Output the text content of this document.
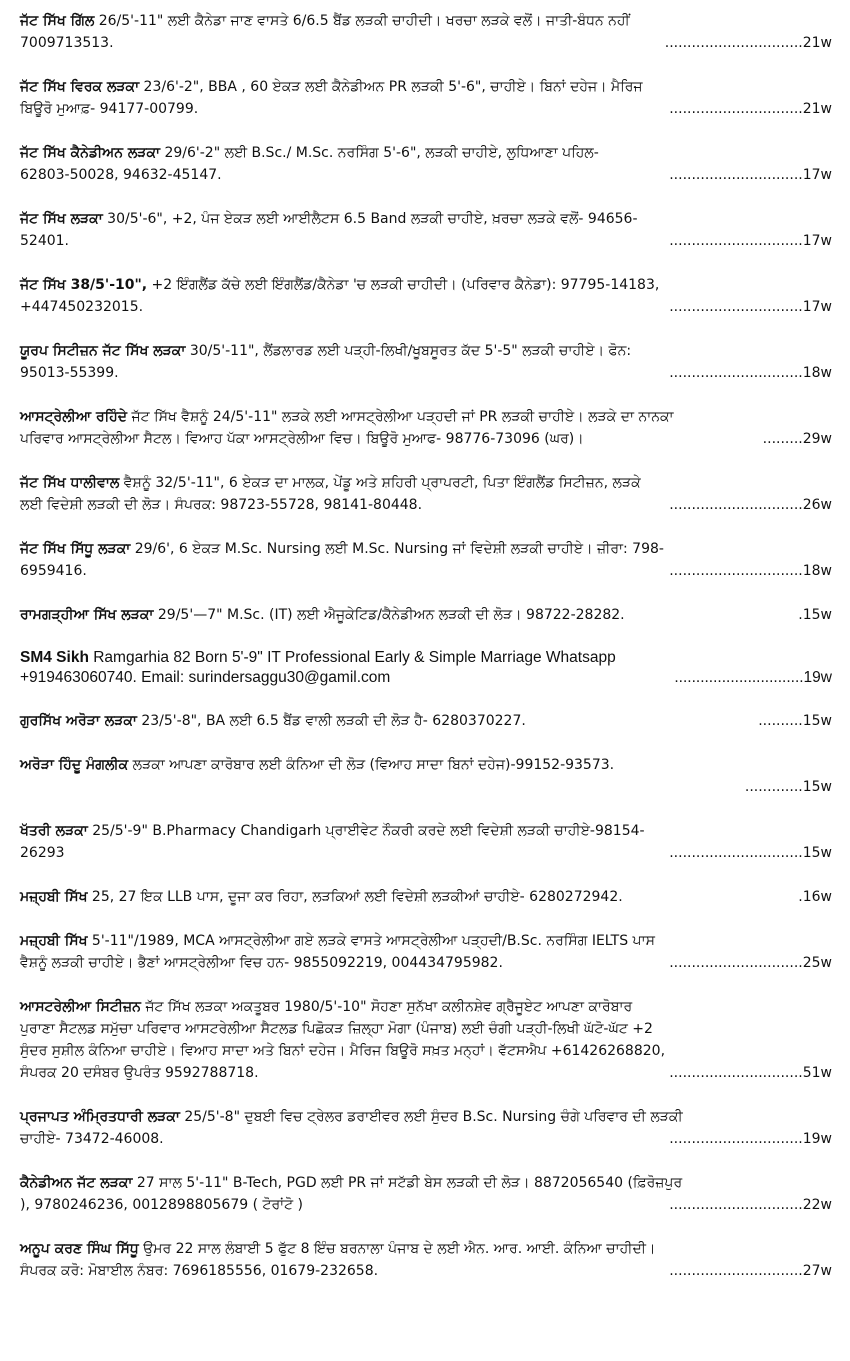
ਜੱਟ ਸਿੱਖ ਗਿੱਲ 26/5'-11" ਲਈ ਕੈਨੇਡਾ ਜਾਣ ਵਾਸਤੇ 6/6.5 ਬੈਂਡ ਲੜਕੀ ਚਾਹੀਦੀ। ਖਰਚਾ ਲੜਕੇ ਵਲੋਂ। ਜਾਤੀ-ਬੰਧਨ ਨਹੀਂ
7009713513.	...............................21w
ਜੱਟ ਸਿੱਖ ਵਿਰਕ ਲੜਕਾ 23/6'-2", BBA , 60 ਏਕੜ ਲਈ ਕੈਨੇਡੀਅਨ PR ਲੜਕੀ 5'-6", ਚਾਹੀਏ। ਬਿਨਾਂ ਦਹੇਜ। ਮੈਰਿਜ
ਬਿਊਰੋ ਮੁਆਫ਼- 94177-00799.	..............................21w
ਜੱਟ ਸਿੱਖ ਕੈਨੇਡੀਅਨ ਲੜਕਾ 29/6'-2" ਲਈ B.Sc./ M.Sc. ਨਰਸਿੰਗ 5'-6", ਲੜਕੀ ਚਾਹੀਏ, ਲੁਧਿਆਣਾ ਪਹਿਲ-
62803-50028, 94632-45147.	..............................17w
ਜੱਟ ਸਿੱਖ ਲੜਕਾ 30/5'-6", +2, ਪੰਜ ਏਕੜ ਲਈ ਆਈਲੈਟਸ 6.5 Band ਲੜਕੀ ਚਾਹੀਏ, ਖ਼ਰਚਾ ਲੜਕੇ ਵਲੋਂ- 94656-
52401.	..............................17w
ਜੱਟ ਸਿੱਖ 38/5'-10", +2 ਇੰਗਲੈਂਡ ਕੱਚੇ ਲਈ ਇੰਗਲੈਂਡ/ਕੈਨੇਡਾ 'ਚ ਲੜਕੀ ਚਾਹੀਦੀ। (ਪਰਿਵਾਰ ਕੈਨੇਡਾ): 97795-14183,
+447450232015.	..............................17w
ਯੂਰਪ ਸਿਟੀਜ਼ਨ ਜੱਟ ਸਿੱਖ ਲੜਕਾ 30/5'-11", ਲੈਂਡਲਾਰਡ ਲਈ ਪੜ੍ਹੀ-ਲਿਖੀ/ਖੂਬਸੂਰਤ ਕੱਦ 5'-5" ਲੜਕੀ ਚਾਹੀਏ। ਫੋਨ:
95013-55399.	..............................18w
ਆਸਟ੍ਰੇਲੀਆ ਰਹਿੰਦੇ ਜੱਟ ਸਿੱਖ ਵੈਸ਼ਨੂੰ 24/5'-11" ਲੜਕੇ ਲਈ ਆਸਟ੍ਰੇਲੀਆ ਪੜ੍ਹਦੀ ਜਾਂ PR ਲੜਕੀ ਚਾਹੀਏ। ਲੜਕੇ ਦਾ ਨਾਨਕਾ
ਪਰਿਵਾਰ ਆਸਟ੍ਰੇਲੀਆ ਸੈਟਲ। ਵਿਆਹ ਪੱਕਾ ਆਸਟ੍ਰੇਲੀਆ ਵਿਚ। ਬਿਊਰੋ ਮੁਆਫ- 98776-73096 (ਘਰ)।	.........29w
ਜੱਟ ਸਿੱਖ ਧਾਲੀਵਾਲ ਵੈਸ਼ਨੂੰ 32/5'-11", 6 ਏਕੜ ਦਾ ਮਾਲਕ, ਪੇਂਡੂ ਅਤੇ ਸ਼ਹਿਰੀ ਪ੍ਰਾਪਰਟੀ, ਪਿਤਾ ਇੰਗਲੈਂਡ ਸਿਟੀਜ਼ਨ, ਲੜਕੇ
ਲਈ ਵਿਦੇਸ਼ੀ ਲੜਕੀ ਦੀ ਲੋੜ। ਸੰਪਰਕ: 98723-55728, 98141-80448.	..............................26w
ਜੱਟ ਸਿੱਖ ਸਿੱਧੂ ਲੜਕਾ 29/6', 6 ਏਕੜ M.Sc. Nursing ਲਈ M.Sc. Nursing ਜਾਂ ਵਿਦੇਸ਼ੀ ਲੜਕੀ ਚਾਹੀਏ। ਜ਼ੀਰਾ: 798-
6959416.	..............................18w
ਰਾਮਗੜ੍ਹੀਆ ਸਿੱਖ ਲੜਕਾ 29/5'—7" M.Sc. (IT) ਲਈ ਐਜੂਕੇਟਿਡ/ਕੈਨੇਡੀਅਨ ਲੜਕੀ ਦੀ ਲੋੜ। 98722-28282.	.15w
SM4 Sikh Ramgarhia 82 Born 5'-9" IT Professional Early & Simple Marriage Whatsapp
+919463060740. Email: surindersaggu30@gamil.com	..............................19w
ਗੁਰਸਿੱਖ ਅਰੋੜਾ ਲੜਕਾ 23/5'-8", BA ਲਈ 6.5 ਬੈਂਡ ਵਾਲੀ ਲੜਕੀ ਦੀ ਲੋੜ ਹੈ- 6280370227.	..........15w
ਅਰੋੜਾ ਹਿੰਦੂ ਮੰਗਲੀਕ ਲੜਕਾ ਆਪਣਾ ਕਾਰੋਬਾਰ ਲਈ ਕੰਨਿਆ ਦੀ ਲੋੜ (ਵਿਆਹ ਸਾਦਾ ਬਿਨਾਂ ਦਹੇਜ)-99152-93573.
.............15w
ਖੱਤਰੀ ਲੜਕਾ 25/5'-9" B.Pharmacy Chandigarh ਪ੍ਰਾਈਵੇਟ ਨੌਕਰੀ ਕਰਦੇ ਲਈ ਵਿਦੇਸ਼ੀ ਲੜਕੀ ਚਾਹੀਏ-98154-
26293	..............................15w
ਮਜ਼੍ਹਬੀ ਸਿੱਖ 25, 27 ਇਕ LLB ਪਾਸ, ਦੂਜਾ ਕਰ ਰਿਹਾ, ਲੜਕਿਆਂ ਲਈ ਵਿਦੇਸ਼ੀ ਲੜਕੀਆਂ ਚਾਹੀਏ- 6280272942.	.16w
ਮਜ਼੍ਹਬੀ ਸਿੱਖ 5'-11"/1989, MCA ਆਸਟ੍ਰੇਲੀਆ ਗਏ ਲੜਕੇ ਵਾਸਤੇ ਆਸਟ੍ਰੇਲੀਆ ਪੜ੍ਹਦੀ/B.Sc. ਨਰਸਿੰਗ IELTS ਪਾਸ
ਵੈਸ਼ਨੂੰ ਲੜਕੀ ਚਾਹੀਏ। ਭੈਣਾਂ ਆਸਟ੍ਰੇਲੀਆ ਵਿਚ ਹਨ- 9855092219, 004434795982.	..............................25w
ਆਸਟਰੇਲੀਆ ਸਿਟੀਜ਼ਨ ਜੱਟ ਸਿੱਖ ਲੜਕਾ ਅਕਤੂਬਰ 1980/5'-10" ਸੋਹਣਾ ਸੁਨੱਖਾ ਕਲੀਨਸ਼ੇਵ ਗ੍ਰੈਜੂਏਟ ਆਪਣਾ ਕਾਰੋਬਾਰ
ਪੁਰਾਣਾ ਸੈਟਲਡ ਸਮੁੱਚਾ ਪਰਿਵਾਰ ਆਸਟਰੇਲੀਆ ਸੈਟਲਡ ਪਿਛੋਕੜ ਜ਼ਿਲ੍ਹਾ ਮੋਗਾ (ਪੰਜਾਬ) ਲਈ ਚੰਗੀ ਪੜ੍ਹੀ-ਲਿਖੀ ਘੱਟੋ-ਘੱਟ +2
ਸੁੰਦਰ ਸੁਸ਼ੀਲ ਕੰਨਿਆ ਚਾਹੀਏ। ਵਿਆਹ ਸਾਦਾ ਅਤੇ ਬਿਨਾਂ ਦਹੇਜ। ਮੈਰਿਜ ਬਿਊਰੋ ਸਖ਼ਤ ਮਨ੍ਹਾਂ। ਵੱਟਸਐਪ +61426268820,
ਸੰਪਰਕ 20 ਦਸੰਬਰ ਉਪਰੰਤ 9592788718.	..............................51w
ਪ੍ਰਜਾਪਤ ਅੰਮ੍ਰਿਤਧਾਰੀ ਲੜਕਾ 25/5'-8" ਦੁਬਈ ਵਿਚ ਟ੍ਰੇਲਰ ਡਰਾਈਵਰ ਲਈ ਸੁੰਦਰ B.Sc. Nursing ਚੰਗੇ ਪਰਿਵਾਰ ਦੀ ਲੜਕੀ
ਚਾਹੀਏ- 73472-46008.	..............................19w
ਕੈਨੇਡੀਅਨ ਜੱਟ ਲੜਕਾ 27 ਸਾਲ 5'-11" B-Tech, PGD ਲਈ PR ਜਾਂ ਸਟੱਡੀ ਬੇਸ ਲੜਕੀ ਦੀ ਲੋੜ। 8872056540 (ਫ਼ਿਰੋਜ਼ਪੁਰ
), 9780246236, 0012898805679 ( ਟੋਰਾਂਟੋ )	..............................22w
ਅਨੂਪ ਕਰਣ ਸਿੰਘ ਸਿੱਧੂ ਉਮਰ 22 ਸਾਲ ਲੰਬਾਈ 5 ਫੁੱਟ 8 ਇੰਚ ਬਰਨਾਲਾ ਪੰਜਾਬ ਦੇ ਲਈ ਐਨ. ਆਰ. ਆਈ. ਕੰਨਿਆ ਚਾਹੀਦੀ।
ਸੰਪਰਕ ਕਰੋ: ਮੋਬਾਈਲ ਨੰਬਰ: 7696185556, 01679-232658.	..............................27w
